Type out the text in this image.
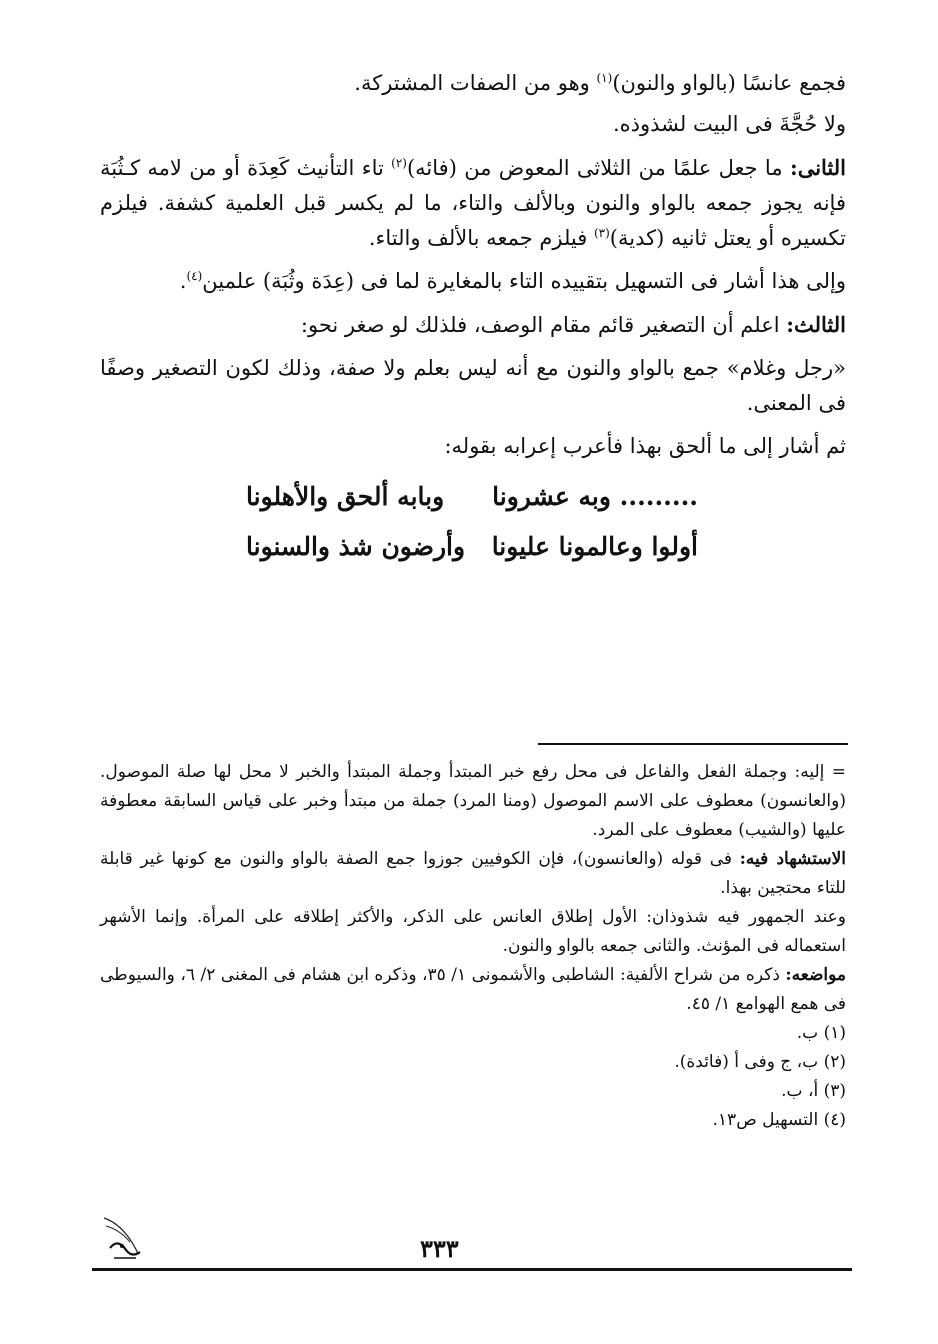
فجمع عانسًا (بالواو والنون)$^{(١)}$ وهو من الصفات المشتركة.

ولا حُجَّةَ فى البيت لشذوذه.

الثانى: ما جعل علمًا من الثلاثى المعوض من (فائه)$^{(٢)}$ تاء التأنيث كَعِدَة أو من لامه كـثُبَة فإنه يجوز جمعه بالواو والنون وبالألف والتاء، ما لم يكسر قبل العلمية كشفة. فيلزم تكسيره أو يعتل ثانيه (كدية)$^{(٣)}$ فيلزم جمعه بالألف والتاء.

وإلى هذا أشار فى التسهيل بتقييده التاء بالمغايرة لما فى (عِدَة وثُبَة) علمين$^{(٤)}$.

الثالث: اعلم أن التصغير قائم مقام الوصف، فلذلك لو صغر نحو:

«رجل وغلام» جمع بالواو والنون مع أنه ليس بعلم ولا صفة، وذلك لكون التصغير وصفًا فى المعنى.

ثم أشار إلى ما ألحق بهذا فأعرب إعرابه بقوله:

......... وبه عشرونا
وبابه ألحق والأهلونا
أولوا وعالمونا عليونا
وأرضون شذ والسنونا

= إليه: وجملة الفعل والفاعل فى محل رفع خبر المبتدأ وجملة المبتدأ والخبر لا محل لها صلة الموصول. (والعانسون) معطوف على الاسم الموصول (ومنا المرد) جملة من مبتدأ وخبر على قياس السابقة معطوفة عليها (والشيب) معطوف على المرد.

الاستشهاد فيه: فى قوله (والعانسون)، فإن الكوفيين جوزوا جمع الصفة بالواو والنون مع كونها غير قابلة للتاء محتجين بهذا.

وعند الجمهور فيه شذوذان: الأول إطلاق العانس على الذكر، والأكثر إطلاقه على المرأة. وإنما الأشهر استعماله فى المؤنث. والثانى جمعه بالواو والنون.

مواضعه: ذكره من شراح الألفية: الشاطبى والأشمونى ١/ ٣٥، وذكره ابن هشام فى المغنى ٢/ ٦، والسيوطى فى همع الهوامع ١/ ٤٥.

(١) ب.

(٢) ب، ج وفى أ (فائدة).

(٣) أ، ب.

(٤) التسهيل ص١٣.

٣٣٣
